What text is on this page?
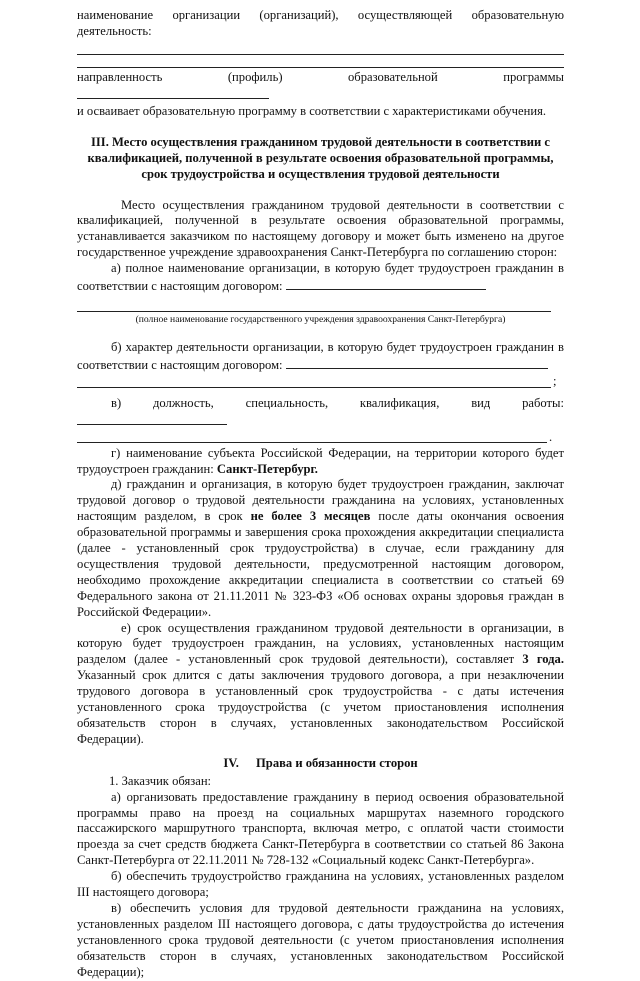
наименование организации (организаций), осуществляющей образовательную деятельность:

направленность (профиль) образовательной программы

и осваивает образовательную программу в соответствии с характеристиками обучения.

III. Место осуществления гражданином трудовой деятельности в соответствии с квалификацией, полученной в результате освоения образовательной программы, срок трудоустройства и осуществления трудовой деятельности

Место осуществления гражданином трудовой деятельности в соответствии с квалификацией, полученной в результате освоения образовательной программы, устанавливается заказчиком по настоящему договору и может быть изменено на другое государственное учреждение здравоохранения Санкт-Петербурга по соглашению сторон:

а) полное наименование организации, в которую будет трудоустроен гражданин в соответствии с настоящим договором:

(полное наименование государственного учреждения здравоохранения Санкт-Петербурга)

б) характер деятельности организации, в которую будет трудоустроен гражданин в соответствии с настоящим договором:

;

в) должность, специальность, квалификация, вид работы:

.

г) наименование субъекта Российской Федерации, на территории которого будет трудоустроен гражданин: Санкт-Петербург.

д) гражданин и организация, в которую будет трудоустроен гражданин, заключат трудовой договор о трудовой деятельности гражданина на условиях, установленных настоящим разделом, в срок не более 3 месяцев после даты окончания освоения образовательной программы и завершения срока прохождения аккредитации специалиста (далее - установленный срок трудоустройства) в случае, если гражданину для осуществления трудовой деятельности, предусмотренной настоящим договором, необходимо прохождение аккредитации специалиста в соответствии со статьей 69 Федерального закона от 21.11.2011 № 323-ФЗ «Об основах охраны здоровья граждан в Российской Федерации».

е) срок осуществления гражданином трудовой деятельности в организации, в которую будет трудоустроен гражданин, на условиях, установленных настоящим разделом (далее - установленный срок трудовой деятельности), составляет 3 года. Указанный срок длится с даты заключения трудового договора, а при незаключении трудового договора в установленный срок трудоустройства - с даты истечения установленного срока трудоустройства (с учетом приостановления исполнения обязательств сторон в случаях, установленных законодательством Российской Федерации).

IV. Права и обязанности сторон

1. Заказчик обязан:

а) организовать предоставление гражданину в период освоения образовательной программы право на проезд на социальных маршрутах наземного городского пассажирского маршрутного транспорта, включая метро, с оплатой части стоимости проезда за счет средств бюджета Санкт-Петербурга в соответствии со статьей 86 Закона Санкт-Петербурга от 22.11.2011 № 728-132 «Социальный кодекс Санкт-Петербурга».

б) обеспечить трудоустройство гражданина на условиях, установленных разделом III настоящего договора;

в) обеспечить условия для трудовой деятельности гражданина на условиях, установленных разделом III настоящего договора, с даты трудоустройства до истечения установленного срока трудовой деятельности (с учетом приостановления исполнения обязательств сторон в случаях, установленных законодательством Российской Федерации);
